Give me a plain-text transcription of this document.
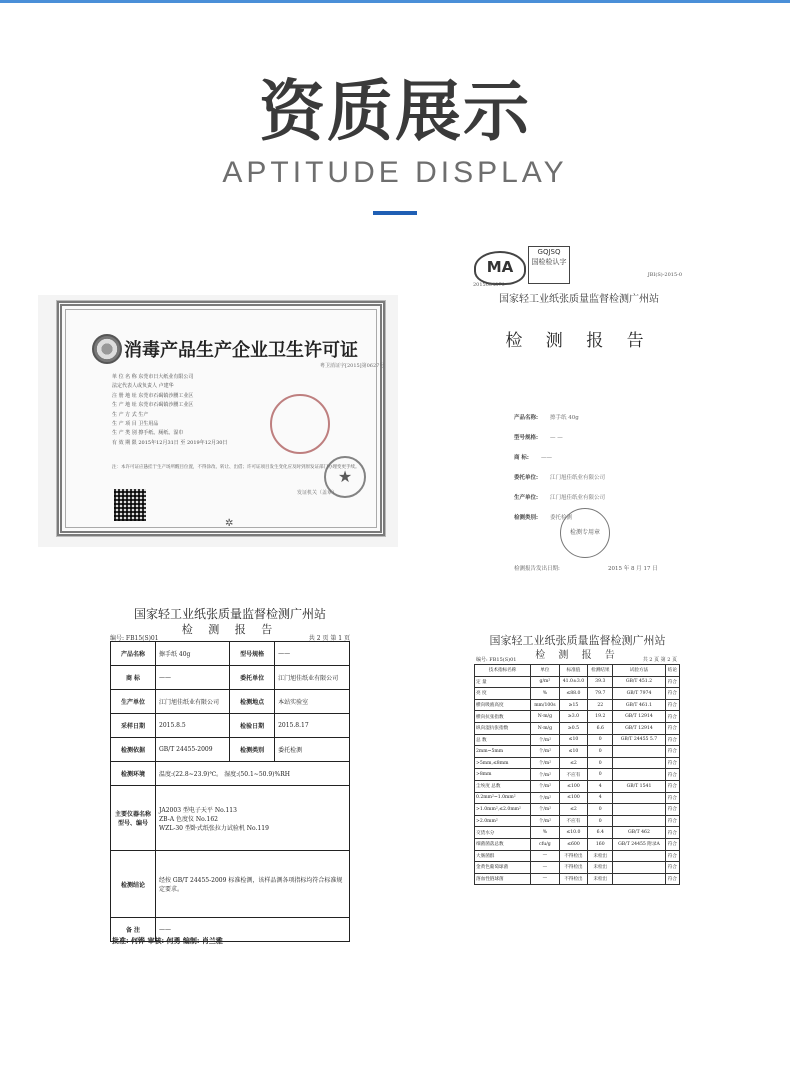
资质展示
APTITUDE DISPLAY
消毒产品生产企业卫生许可证
粤卫消证字[2015]第0627号
单 位 名 称 东莞市日大纸业有限公司
法定代表人或负责人 卢建华
注 册 地 址 东莞市石碣镇沙腰工业区
生 产 地 址 东莞市石碣镇沙腰工业区
生 产 方 式 生产
生 产 项 目 卫生用品
生 产 类 别 擦手纸、厕纸、湿巾
有 效 期 限 2015年12月31日 至 2019年12月30日
注：本许可证应悬挂于生产场所醒目位置，不得涂改、转让、出借；许可证项目发生变化应及时到原发证部门办理变更手续。
★
发证机关（盖章）
✲
MA
GQJSQ
国检检认字
2015004370
JBI(S)-2015-0
国家轻工业纸张质量监督检测广州站
检 测 报 告
产品名称: 擦手纸 40g
型号规格: — —
商 标: ——
委托单位: 江门旭佳纸业有限公司
生产单位: 江门旭佳纸业有限公司
检测类别: 委托检测
检测专用章
检测报告发出日期:	2015 年 8 月 17 日
国家轻工业纸张质量监督检测广州站
检 测 报 告
编号: FB15(S)01	共 2 页 第 1 页
产品名称	擦手纸 40g	型号规格	——
商 标	——	委托单位	江门旭佳纸业有限公司
生产单位	江门旭佳纸业有限公司	检测地点	本站实验室
采样日期	2015.8.5	检验日期	2015.8.17
检测依据	GB/T 24455-2009	检测类别	委托检测
检测环境	温度:(22.8~23.9)℃。 湿度:(50.1~50.9)%RH		
主要仪器名称型号、编号	JA2003 型电子天平 No.113
ZB-A 色度仪 No.162
WZL-30 型卧式纸张拉力试验机 No.119		

检测结论	经按 GB/T 24455-2009 标准检测，该样品测各项指标均符合标准规定要求。		
备 注	——		
批准: 何铧 审核: 何勇 编制: 肖兰雅
国家轻工业纸张质量监督检测广州站
检 测 报 告
编号: FB15(S)01	共 2 页 第 2 页
技术指标名称	单位	标准值	检测结果	试验方法	结论
定 量	g/m²	41.0±3.0	39.3	GB/T 451.2	符合
亮 度	%	≤88.0	79.7	GB/T 7974	符合
横向吸液高度	mm/100s	≥15	22	GB/T 461.1	符合
横向抗张指数	N·m/g	≥3.0	19.2	GB/T 12914	符合
纵向湿抗张指数	N·m/g	≥0.5	6.6	GB/T 12914	符合
总 数	个/m²	≤10	0	GB/T 24455 5.7	符合
2mm~5mm	个/m²	≤10	0		符合
>5mm,≤8mm	个/m²	≤2	0		符合
>8mm	个/m²	不应有	0		符合
尘埃度 总数	个/m²	≤100	4	GB/T 1541	符合
0.2mm²~1.0mm²	个/m²	≤100	4		符合
>1.0mm²,≤2.0mm²	个/m²	≤2	0		符合
>2.0mm²	个/m²	不应有	0		符合
交货水分	%	≤10.0	6.4	GB/T 462	符合
细菌菌落总数	cfu/g	≤600	160	GB/T 24455 附录A	符合
大肠菌群	—	不得检出	未检出		符合
金黄色葡萄球菌	—	不得检出	未检出		符合
溶血性链球菌	—	不得检出	未检出		符合
